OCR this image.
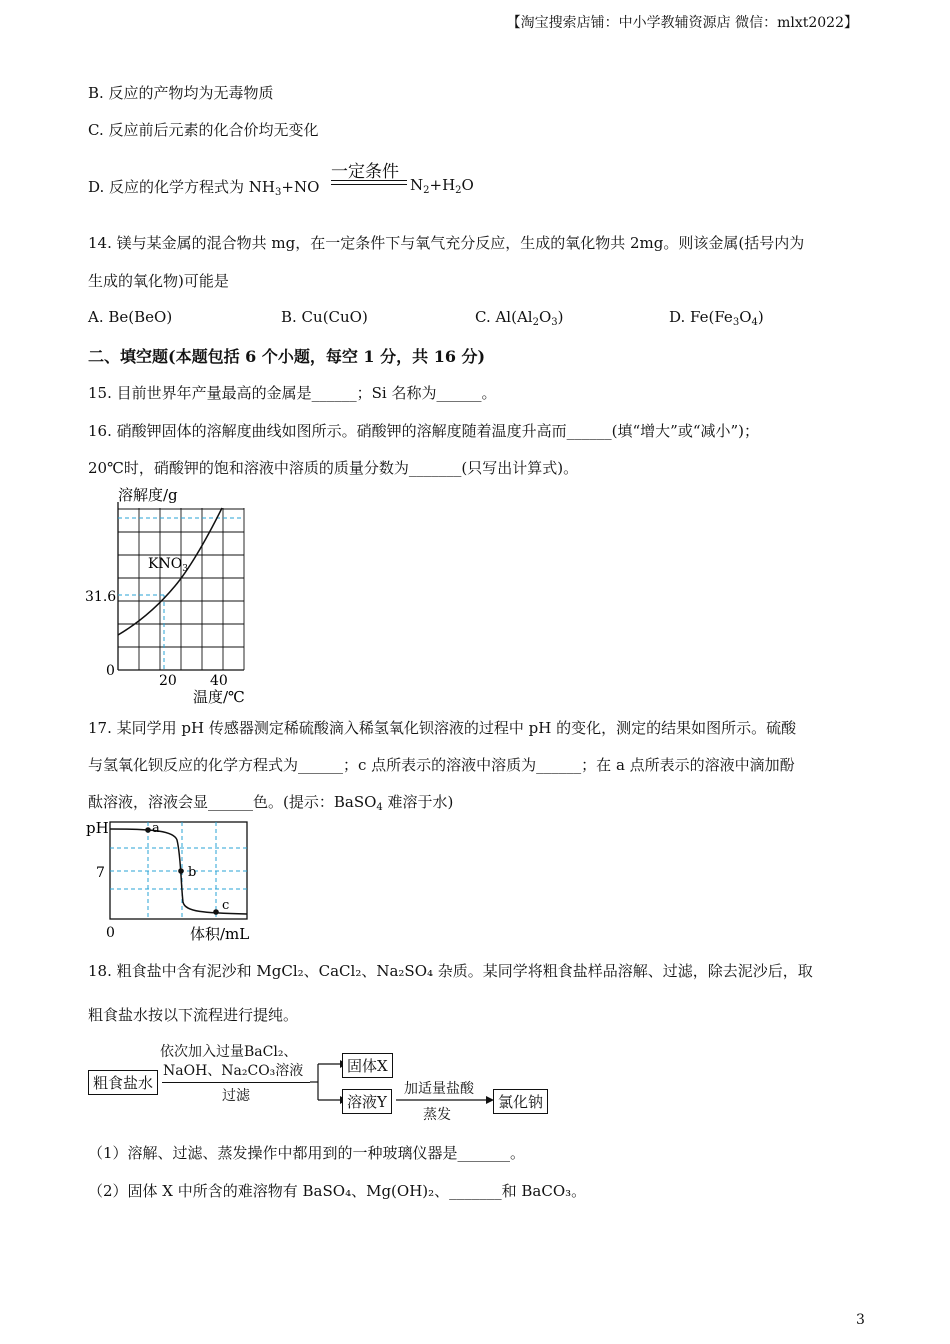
【淘宝搜索店铺：中小学教辅资源店 微信：mlxt2022】
B. 反应的产物均为无毒物质
C. 反应前后元素的化合价均无变化
D. 反应的化学方程式为 $NH_3+NO$
一定条件
$N_2+H_2O$
14. 镁与某金属的混合物共 mg，在一定条件下与氧气充分反应，生成的氧化物共 2mg。则该金属(括号内为
生成的氧化物)可能是
A. Be(BeO)	B. Cu(CuO)	C. $Al(Al_2O_3)$	D. $Fe(Fe_3O_4)$
二、填空题(本题包括 6 个小题，每空 1 分，共 16 分)
15. 目前世界年产量最高的金属是______；Si 名称为______。
16. 硝酸钾固体的溶解度曲线如图所示。硝酸钾的溶解度随着温度升高而______(填“增大”或“减小”)；
20℃时，硝酸钾的饱和溶液中溶质的质量分数为_______(只写出计算式)。
溶解度/g
$KNO_3$
31.6
0
20 40
温度/℃
17. 某同学用 pH 传感器测定稀硫酸滴入稀氢氧化钡溶液的过程中 pH 的变化，测定的结果如图所示。硫酸
与氢氧化钡反应的化学方程式为______；c 点所表示的溶液中溶质为______；在 a 点所表示的溶液中滴加酚
酞溶液，溶液会显______色。(提示：BaSO$_4$ 难溶于水)
a
b
c
pH
7
0	体积/mL
18. 粗食盐中含有泥沙和 MgCl₂、CaCl₂、Na₂SO₄ 杂质。某同学将粗食盐样品溶解、过滤，除去泥沙后，取
粗食盐水按以下流程进行提纯。
粗食盐水
依次加入过量BaCl₂、
NaOH、Na₂CO₃溶液
过滤
固体X
溶液Y
加适量盐酸
蒸发
氯化钠
（1）溶解、过滤、蒸发操作中都用到的一种玻璃仪器是_______。
（2）固体 X 中所含的难溶物有 BaSO₄、Mg(OH)₂、_______和 BaCO₃。
3
